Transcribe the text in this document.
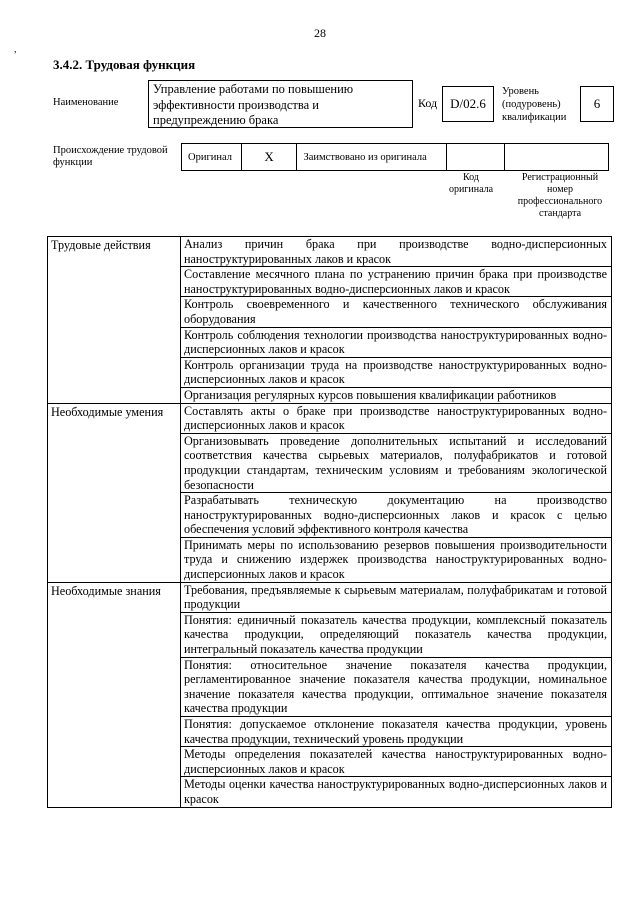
28
,
3.4.2. Трудовая функция
Наименование
Управление работами по повышению эффективности производства и предупреждению брака
Код D/02.6
Уровень (подуровень) квалификации
6
Происхождение трудовой функции	Оригинал	X	Заимствовано из оригинала
Код оригинала
Регистрационный номер профессионального стандарта
Трудовые действия	Анализ причин брака при производстве водно-дисперсионных наноструктурированных лаков и красок
	Составление месячного плана по устранению причин брака при производстве наноструктурированных водно-дисперсионных лаков и красок
	Контроль своевременного и качественного технического обслуживания оборудования
	Контроль соблюдения технологии производства наноструктурированных водно-дисперсионных лаков и красок
	Контроль организации труда на производстве наноструктурированных водно-дисперсионных лаков и красок
	Организация регулярных курсов повышения квалификации работников
Необходимые умения	Составлять акты о браке при производстве наноструктурированных водно-дисперсионных лаков и красок
	Организовывать проведение дополнительных испытаний и исследований соответствия качества сырьевых материалов, полуфабрикатов и готовой продукции стандартам, техническим условиям и требованиям экологической безопасности
	Разрабатывать техническую документацию на производство наноструктурированных водно-дисперсионных лаков и красок с целью обеспечения условий эффективного контроля качества
	Принимать меры по использованию резервов повышения производительности труда и снижению издержек производства наноструктурированных водно-дисперсионных лаков и красок
Необходимые знания	Требования, предъявляемые к сырьевым материалам, полуфабрикатам и готовой продукции
	Понятия: единичный показатель качества продукции, комплексный показатель качества продукции, определяющий показатель качества продукции, интегральный показатель качества продукции
	Понятия: относительное значение показателя качества продукции, регламентированное значение показателя качества продукции, номинальное значение показателя качества продукции, оптимальное значение показателя качества продукции
	Понятия: допускаемое отклонение показателя качества продукции, уровень качества продукции, технический уровень продукции
	Методы определения показателей качества наноструктурированных водно-дисперсионных лаков и красок
	Методы оценки качества наноструктурированных водно-дисперсионных лаков и красок
